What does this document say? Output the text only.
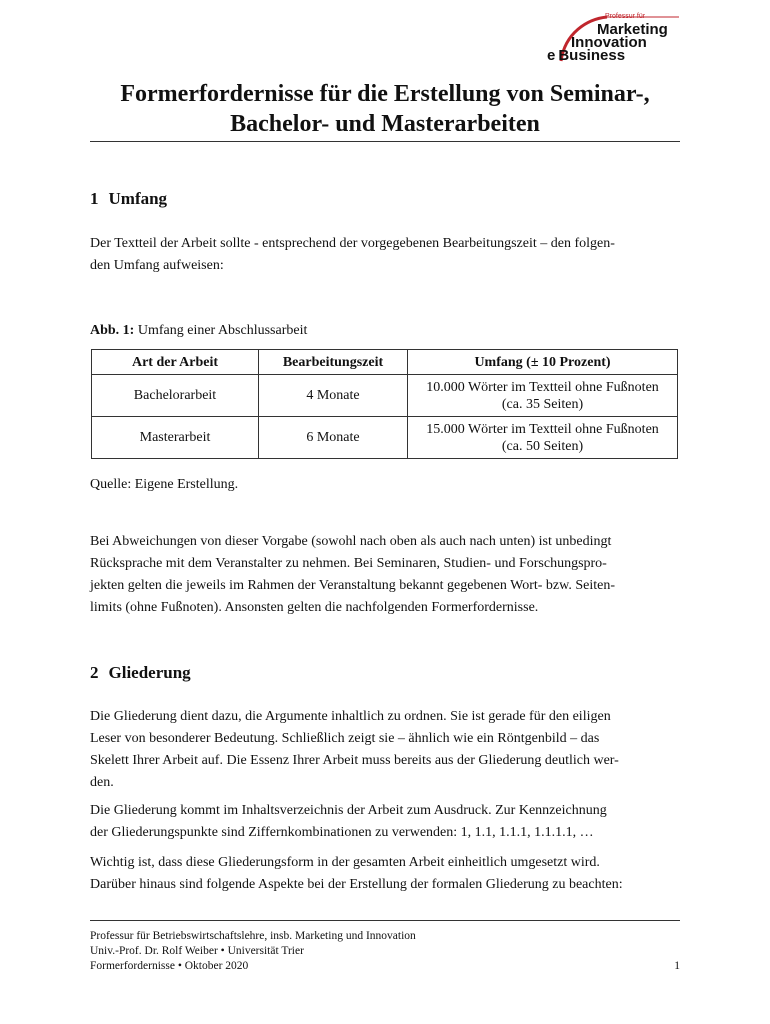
Professur für
Marketing
Innovation
e Business
Formerfordernisse für die Erstellung von Seminar-,
Bachelor- und Masterarbeiten
1 Umfang
Der Textteil der Arbeit sollte - entsprechend der vorgegebenen Bearbeitungszeit – den folgen-
den Umfang aufweisen:
Abb. 1: Umfang einer Abschlussarbeit
Art der Arbeit	Bearbeitungszeit	Umfang (± 10 Prozent)
Bachelorarbeit	4 Monate	10.000 Wörter im Textteil ohne Fußnoten
(ca. 35 Seiten)

Masterarbeit	6 Monate	15.000 Wörter im Textteil ohne Fußnoten
(ca. 50 Seiten)
Quelle: Eigene Erstellung.
Bei Abweichungen von dieser Vorgabe (sowohl nach oben als auch nach unten) ist unbedingt
Rücksprache mit dem Veranstalter zu nehmen. Bei Seminaren, Studien- und Forschungspro-
jekten gelten die jeweils im Rahmen der Veranstaltung bekannt gegebenen Wort- bzw. Seiten-
limits (ohne Fußnoten). Ansonsten gelten die nachfolgenden Formerfordernisse.
2 Gliederung
Die Gliederung dient dazu, die Argumente inhaltlich zu ordnen. Sie ist gerade für den eiligen
Leser von besonderer Bedeutung. Schließlich zeigt sie – ähnlich wie ein Röntgenbild – das
Skelett Ihrer Arbeit auf. Die Essenz Ihrer Arbeit muss bereits aus der Gliederung deutlich wer-
den.
Die Gliederung kommt im Inhaltsverzeichnis der Arbeit zum Ausdruck. Zur Kennzeichnung
der Gliederungspunkte sind Ziffernkombinationen zu verwenden: 1, 1.1, 1.1.1, 1.1.1.1, …
Wichtig ist, dass diese Gliederungsform in der gesamten Arbeit einheitlich umgesetzt wird.
Darüber hinaus sind folgende Aspekte bei der Erstellung der formalen Gliederung zu beachten:
Professur für Betriebswirtschaftslehre, insb. Marketing und Innovation
Univ.-Prof. Dr. Rolf Weiber • Universität Trier
Formerfordernisse • Oktober 2020	1
